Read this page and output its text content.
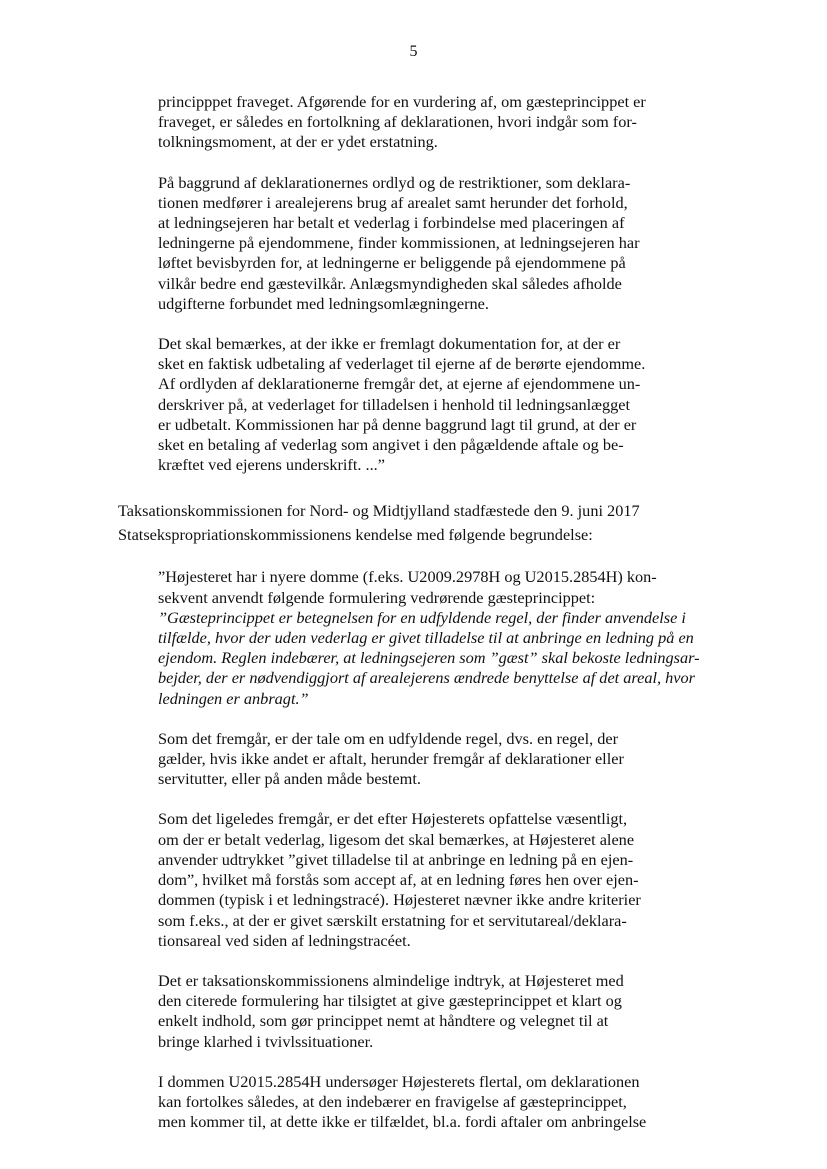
5

principppet fraveget. Afgørende for en vurdering af, om gæsteprincippet er
fraveget, er således en fortolkning af deklarationen, hvori indgår som for-
tolkningsmoment, at der er ydet erstatning.

På baggrund af deklarationernes ordlyd og de restriktioner, som deklara-
tionen medfører i arealejerens brug af arealet samt herunder det forhold,
at ledningsejeren har betalt et vederlag i forbindelse med placeringen af
ledningerne på ejendommene, finder kommissionen, at ledningsejeren har
løftet bevisbyrden for, at ledningerne er beliggende på ejendommene på
vilkår bedre end gæstevilkår. Anlægsmyndigheden skal således afholde
udgifterne forbundet med ledningsomlægningerne.

Det skal bemærkes, at der ikke er fremlagt dokumentation for, at der er
sket en faktisk udbetaling af vederlaget til ejerne af de berørte ejendomme.
Af ordlyden af deklarationerne fremgår det, at ejerne af ejendommene un-
derskriver på, at vederlaget for tilladelsen i henhold til ledningsanlægget
er udbetalt. Kommissionen har på denne baggrund lagt til grund, at der er
sket en betaling af vederlag som angivet i den pågældende aftale og be-
kræftet ved ejerens underskrift. ...”

Taksationskommissionen for Nord- og Midtjylland stadfæstede den 9. juni 2017
Statsekspropriationskommissionens kendelse med følgende begrundelse:

”Højesteret har i nyere domme (f.eks. U2009.2978H og U2015.2854H) kon-
sekvent anvendt følgende formulering vedrørende gæsteprincippet:
”Gæsteprincippet er betegnelsen for en udfyldende regel, der finder anvendelse i
tilfælde, hvor der uden vederlag er givet tilladelse til at anbringe en ledning på en
ejendom. Reglen indebærer, at ledningsejeren som ”gæst” skal bekoste ledningsar-
bejder, der er nødvendiggjort af arealejerens ændrede benyttelse af det areal, hvor
ledningen er anbragt.”

Som det fremgår, er der tale om en udfyldende regel, dvs. en regel, der
gælder, hvis ikke andet er aftalt, herunder fremgår af deklarationer eller
servitutter, eller på anden måde bestemt.

Som det ligeledes fremgår, er det efter Højesterets opfattelse væsentligt,
om der er betalt vederlag, ligesom det skal bemærkes, at Højesteret alene
anvender udtrykket ”givet tilladelse til at anbringe en ledning på en ejen-
dom”, hvilket må forstås som accept af, at en ledning føres hen over ejen-
dommen (typisk i et ledningstracé). Højesteret nævner ikke andre kriterier
som f.eks., at der er givet særskilt erstatning for et servitutareal/deklara-
tionsareal ved siden af ledningstracéet.

Det er taksationskommissionens almindelige indtryk, at Højesteret med
den citerede formulering har tilsigtet at give gæsteprincippet et klart og
enkelt indhold, som gør princippet nemt at håndtere og velegnet til at
bringe klarhed i tvivlssituationer.

I dommen U2015.2854H undersøger Højesterets flertal, om deklarationen
kan fortolkes således, at den indebærer en fravigelse af gæsteprincippet,
men kommer til, at dette ikke er tilfældet, bl.a. fordi aftaler om anbringelse
